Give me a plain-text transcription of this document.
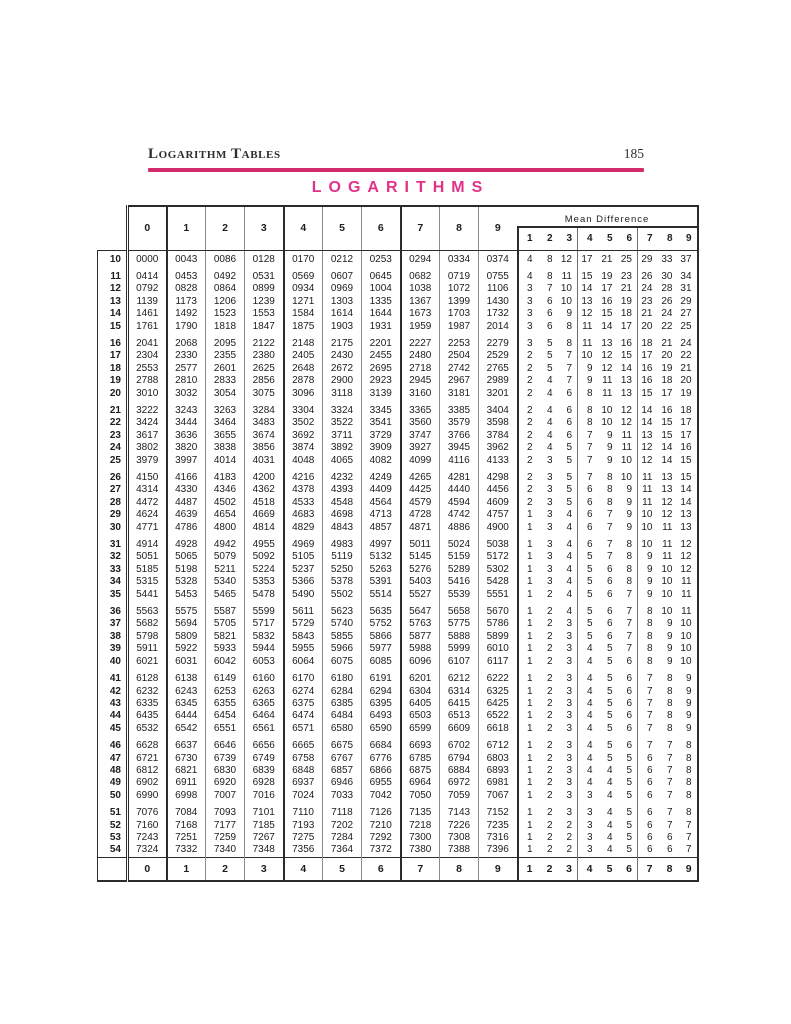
Logarithm Tables	185
LOGARITHMS
	0	1	2	3	4	5	6	7	8	9	Mean Difference								
											1	2	3	4	5	6	7	8	9
10	0000	0043	0086	0128	0170	0212	0253	0294	0334	0374	4	8	12	17	21	25	29	33	37
11	0414	0453	0492	0531	0569	0607	0645	0682	0719	0755	4	8	11	15	19	23	26	30	34
12	0792	0828	0864	0899	0934	0969	1004	1038	1072	1106	3	7	10	14	17	21	24	28	31
13	1139	1173	1206	1239	1271	1303	1335	1367	1399	1430	3	6	10	13	16	19	23	26	29
14	1461	1492	1523	1553	1584	1614	1644	1673	1703	1732	3	6	9	12	15	18	21	24	27
15	1761	1790	1818	1847	1875	1903	1931	1959	1987	2014	3	6	8	11	14	17	20	22	25
16	2041	2068	2095	2122	2148	2175	2201	2227	2253	2279	3	5	8	11	13	16	18	21	24
17	2304	2330	2355	2380	2405	2430	2455	2480	2504	2529	2	5	7	10	12	15	17	20	22
18	2553	2577	2601	2625	2648	2672	2695	2718	2742	2765	2	5	7	9	12	14	16	19	21
19	2788	2810	2833	2856	2878	2900	2923	2945	2967	2989	2	4	7	9	11	13	16	18	20
20	3010	3032	3054	3075	3096	3118	3139	3160	3181	3201	2	4	6	8	11	13	15	17	19
21	3222	3243	3263	3284	3304	3324	3345	3365	3385	3404	2	4	6	8	10	12	14	16	18
22	3424	3444	3464	3483	3502	3522	3541	3560	3579	3598	2	4	6	8	10	12	14	15	17
23	3617	3636	3655	3674	3692	3711	3729	3747	3766	3784	2	4	6	7	9	11	13	15	17
24	3802	3820	3838	3856	3874	3892	3909	3927	3945	3962	2	4	5	7	9	11	12	14	16
25	3979	3997	4014	4031	4048	4065	4082	4099	4116	4133	2	3	5	7	9	10	12	14	15
26	4150	4166	4183	4200	4216	4232	4249	4265	4281	4298	2	3	5	7	8	10	11	13	15
27	4314	4330	4346	4362	4378	4393	4409	4425	4440	4456	2	3	5	6	8	9	11	13	14
28	4472	4487	4502	4518	4533	4548	4564	4579	4594	4609	2	3	5	6	8	9	11	12	14
29	4624	4639	4654	4669	4683	4698	4713	4728	4742	4757	1	3	4	6	7	9	10	12	13
30	4771	4786	4800	4814	4829	4843	4857	4871	4886	4900	1	3	4	6	7	9	10	11	13
31	4914	4928	4942	4955	4969	4983	4997	5011	5024	5038	1	3	4	6	7	8	10	11	12
32	5051	5065	5079	5092	5105	5119	5132	5145	5159	5172	1	3	4	5	7	8	9	11	12
33	5185	5198	5211	5224	5237	5250	5263	5276	5289	5302	1	3	4	5	6	8	9	10	12
34	5315	5328	5340	5353	5366	5378	5391	5403	5416	5428	1	3	4	5	6	8	9	10	11
35	5441	5453	5465	5478	5490	5502	5514	5527	5539	5551	1	2	4	5	6	7	9	10	11
36	5563	5575	5587	5599	5611	5623	5635	5647	5658	5670	1	2	4	5	6	7	8	10	11
37	5682	5694	5705	5717	5729	5740	5752	5763	5775	5786	1	2	3	5	6	7	8	9	10
38	5798	5809	5821	5832	5843	5855	5866	5877	5888	5899	1	2	3	5	6	7	8	9	10
39	5911	5922	5933	5944	5955	5966	5977	5988	5999	6010	1	2	3	4	5	7	8	9	10
40	6021	6031	6042	6053	6064	6075	6085	6096	6107	6117	1	2	3	4	5	6	8	9	10
41	6128	6138	6149	6160	6170	6180	6191	6201	6212	6222	1	2	3	4	5	6	7	8	9
42	6232	6243	6253	6263	6274	6284	6294	6304	6314	6325	1	2	3	4	5	6	7	8	9
43	6335	6345	6355	6365	6375	6385	6395	6405	6415	6425	1	2	3	4	5	6	7	8	9
44	6435	6444	6454	6464	6474	6484	6493	6503	6513	6522	1	2	3	4	5	6	7	8	9
45	6532	6542	6551	6561	6571	6580	6590	6599	6609	6618	1	2	3	4	5	6	7	8	9
46	6628	6637	6646	6656	6665	6675	6684	6693	6702	6712	1	2	3	4	5	6	7	7	8
47	6721	6730	6739	6749	6758	6767	6776	6785	6794	6803	1	2	3	4	5	5	6	7	8
48	6812	6821	6830	6839	6848	6857	6866	6875	6884	6893	1	2	3	4	4	5	6	7	8
49	6902	6911	6920	6928	6937	6946	6955	6964	6972	6981	1	2	3	4	4	5	6	7	8
50	6990	6998	7007	7016	7024	7033	7042	7050	7059	7067	1	2	3	3	4	5	6	7	8
51	7076	7084	7093	7101	7110	7118	7126	7135	7143	7152	1	2	3	3	4	5	6	7	8
52	7160	7168	7177	7185	7193	7202	7210	7218	7226	7235	1	2	2	3	4	5	6	7	7
53	7243	7251	7259	7267	7275	7284	7292	7300	7308	7316	1	2	2	3	4	5	6	6	7
54	7324	7332	7340	7348	7356	7364	7372	7380	7388	7396	1	2	2	3	4	5	6	6	7
	0	1	2	3	4	5	6	7	8	9	1	2	3	4	5	6	7	8	9
